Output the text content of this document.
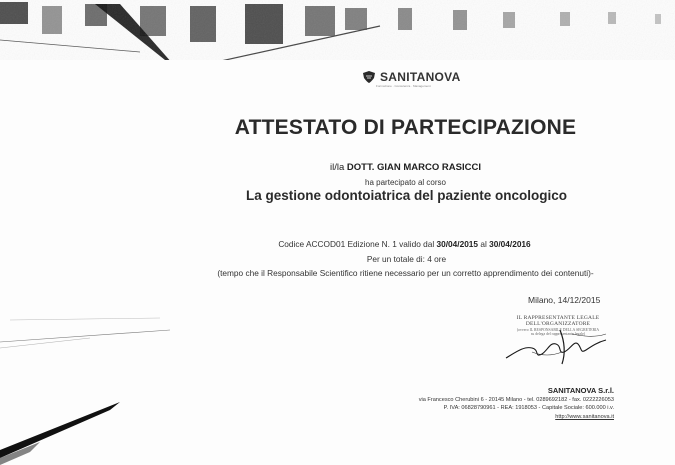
SANITANOVA
Formazione · Consulenza · Management
ATTESTATO DI PARTECIPAZIONE
il/la DOTT. GIAN MARCO RASICCI
ha partecipato al corso
La gestione odontoiatrica del paziente oncologico
Codice ACCOD01 Edizione N. 1 valido dal 30/04/2015 al 30/04/2016
Per un totale di: 4 ore
(tempo che il Responsabile Scientifico ritiene necessario per un corretto apprendimento dei contenuti)-
Milano, 14/12/2015
IL RAPPRESENTANTE LEGALE
DELL'ORGANIZZATORE
(ovvero IL RESPONSABILE DELLA SEGRETERIA
su delega del rappresentante legale)
SANITANOVA S.r.l.
via Francesco Cherubini 6 - 20145 Milano - tel. 0289692182 - fax. 0222226053
P. IVA: 06828790961 - REA: 1918053 - Capitale Sociale: 600.000 i.v.
http://www.sanitanova.it
